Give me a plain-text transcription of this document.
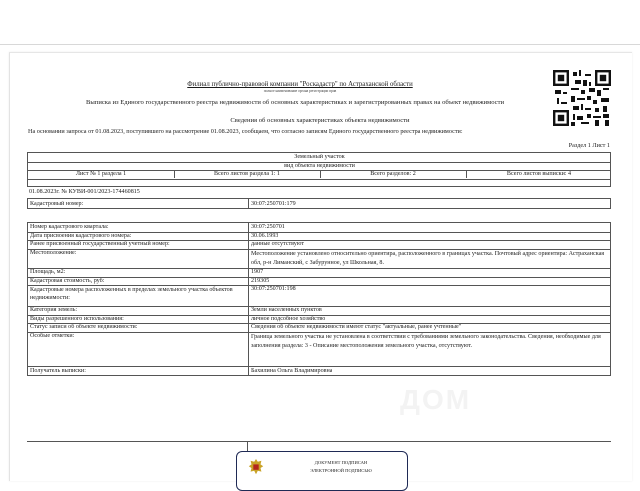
ДОМ
Филиал публично-правовой компании "Роскадастр" по Астраханской области
полное наименование органа регистрации прав
Выписка из Единого государственного реестра недвижимости об основных характеристиках и зарегистрированных правах на объект недвижимости
Сведения об основных характеристиках объекта недвижимости
На основании запроса от 01.08.2023, поступившего на рассмотрение 01.08.2023, сообщаем, что согласно записям Единого государственного реестра недвижимости:
Раздел 1 Лист 1
Земельный участок
вид объекта недвижимости
Лист № 1 раздела 1	Всего листов раздела 1: 1	Всего разделов: 2	Всего листов выписки: 4
01.08.2023г. № КУВИ-001/2023-174460815
Кадастровый номер:	30:07:250701:179
Номер кадастрового квартала:	30:07:250701
Дата присвоения кадастрового номера:	30.06.1993
Ранее присвоенный государственный учетный номер:	данные отсутствуют
Местоположение:	Местоположение установлено относительно ориентира, расположенного в границах участка. Почтовый адрес ориентира: Астраханская обл, р-н Лиманский, с Забурунное, ул Школьная, 8.
Площадь, м2:	1907
Кадастровая стоимость, руб:	219305
Кадастровые номера расположенных в пределах земельного участка объектов недвижимости:
30:07:250701:198
Категория земель:	Земли населенных пунктов
Виды разрешенного использования:	личное подсобное хозяйство
Статус записи об объекте недвижимости:	Сведения об объекте недвижимости имеют статус "актуальные, ранее учтенные"
Особые отметки:	Граница земельного участка не установлена в соответствии с требованиями земельного законодательства. Сведения, необходимые для заполнения раздела: 3 - Описание местоположения земельного участка, отсутствуют.
Получатель выписки:	Бахилина Ольга Владимировна
ДОКУМЕНТ ПОДПИСАН
ЭЛЕКТРОННОЙ ПОДПИСЬЮ
